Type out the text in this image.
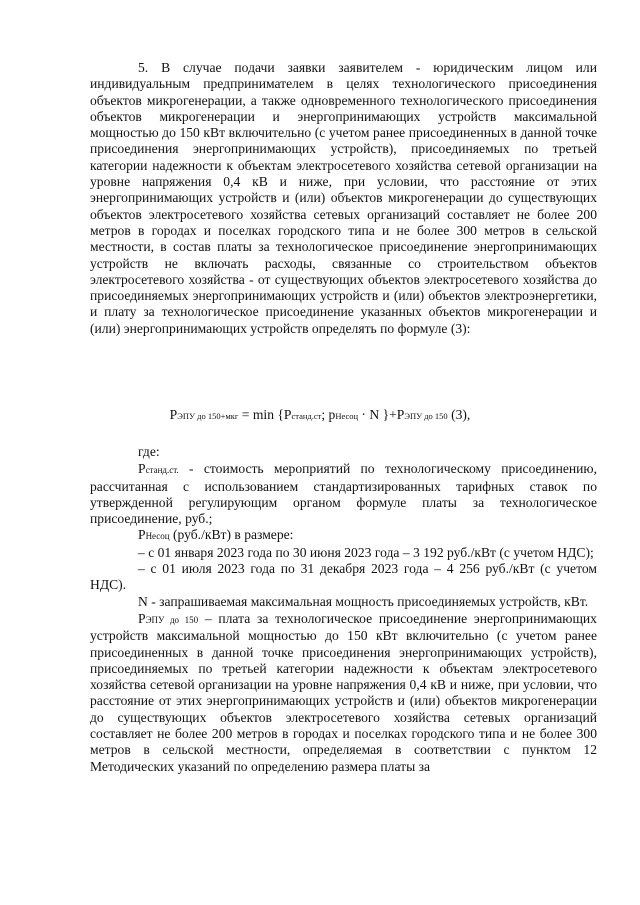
5. В случае подачи заявки заявителем - юридическим лицом или индивидуальным предпринимателем в целях технологического присоединения объектов микрогенерации, а также одновременного технологического присоединения объектов микрогенерации и энергопринимающих устройств максимальной мощностью до 150 кВт включительно (с учетом ранее присоединенных в данной точке присоединения энергопринимающих устройств), присоединяемых по третьей категории надежности к объектам электросетевого хозяйства сетевой организации на уровне напряжения 0,4 кВ и ниже, при условии, что расстояние от этих энергопринимающих устройств и (или) объектов микрогенерации до существующих объектов электросетевого хозяйства сетевых организаций составляет не более 200 метров в городах и поселках городского типа и не более 300 метров в сельской местности, в состав платы за технологическое присоединение энергопринимающих устройств не включать расходы, связанные со строительством объектов электросетевого хозяйства - от существующих объектов электросетевого хозяйства до присоединяемых энергопринимающих устройств и (или) объектов электроэнергетики, и плату за технологическое присоединение указанных объектов микрогенерации и (или) энергопринимающих устройств определять по формуле (3):

PЭПУ до 150+мкг = min {Pстанд.ст; pНесоц · N }+PЭПУ до 150 (3),

где:

Pстанд.ст. - стоимость мероприятий по технологическому присоединению, рассчитанная с использованием стандартизированных тарифных ставок по утвержденной регулирующим органом формуле платы за технологическое присоединение, руб.;

PНесоц (руб./кВт) в размере:

– с 01 января 2023 года по 30 июня 2023 года – 3 192 руб./кВт (с учетом НДС);

– с 01 июля 2023 года по 31 декабря 2023 года – 4 256 руб./кВт (с учетом НДС).

N - запрашиваемая максимальная мощность присоединяемых устройств, кВт.

PЭПУ до 150 – плата за технологическое присоединение энергопринимающих устройств максимальной мощностью до 150 кВт включительно (с учетом ранее присоединенных в данной точке присоединения энергопринимающих устройств), присоединяемых по третьей категории надежности к объектам электросетевого хозяйства сетевой организации на уровне напряжения 0,4 кВ и ниже, при условии, что расстояние от этих энергопринимающих устройств и (или) объектов микрогенерации до существующих объектов электросетевого хозяйства сетевых организаций составляет не более 200 метров в городах и поселках городского типа и не более 300 метров в сельской местности, определяемая в соответствии с пунктом 12 Методических указаний по определению размера платы за
